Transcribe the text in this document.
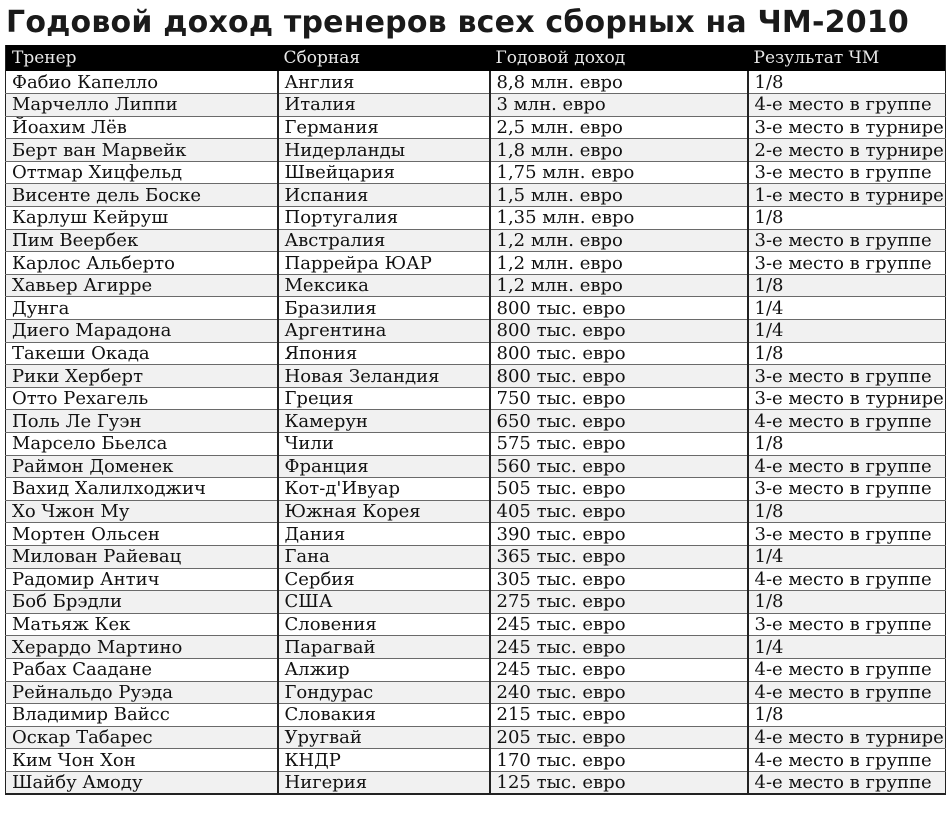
Годовой доход тренеров всех сборных на ЧМ-2010
Тренер	Сборная	Годовой доход	Результат ЧМ
Фабио Капелло	Англия	8,8 млн. евро	1/8
Марчелло Липпи	Италия	3 млн. евро	4-е место в группе
Йоахим Лёв	Германия	2,5 млн. евро	3-е место в турнире
Берт ван Марвейк	Нидерланды	1,8 млн. евро	2-е место в турнире
Оттмар Хицфельд	Швейцария	1,75 млн. евро	3-е место в группе
Висенте дель Боске	Испания	1,5 млн. евро	1-е место в турнире
Карлуш Кейруш	Португалия	1,35 млн. евро	1/8
Пим Веербек	Австралия	1,2 млн. евро	3-е место в группе
Карлос Альберто	Паррейра ЮАР	1,2 млн. евро	3-е место в группе
Хавьер Агирре	Мексика	1,2 млн. евро	1/8
Дунга	Бразилия	800 тыс. евро	1/4
Диего Марадона	Аргентина	800 тыс. евро	1/4
Такеши Окада	Япония	800 тыс. евро	1/8
Рики Херберт	Новая Зеландия	800 тыс. евро	3-е место в группе
Отто Рехагель	Греция	750 тыс. евро	3-е место в турнире
Поль Ле Гуэн	Камерун	650 тыс. евро	4-е место в группе
Марсело Бьелса	Чили	575 тыс. евро	1/8
Раймон Доменек	Франция	560 тыс. евро	4-е место в группе
Вахид Халилходжич	Кот-д'Ивуар	505 тыс. евро	3-е место в группе
Хо Чжон Му	Южная Корея	405 тыс. евро	1/8
Мортен Ольсен	Дания	390 тыс. евро	3-е место в группе
Милован Райевац	Гана	365 тыс. евро	1/4
Радомир Антич	Сербия	305 тыс. евро	4-е место в группе
Боб Брэдли	США	275 тыс. евро	1/8
Матьяж Кек	Словения	245 тыс. евро	3-е место в группе
Херардо Мартино	Парагвай	245 тыс. евро	1/4
Рабах Саадане	Алжир	245 тыс. евро	4-е место в группе
Рейнальдо Руэда	Гондурас	240 тыс. евро	4-е место в группе
Владимир Вайсс	Словакия	215 тыс. евро	1/8
Оскар Табарес	Уругвай	205 тыс. евро	4-е место в турнире
Ким Чон Хон	КНДР	170 тыс. евро	4-е место в группе
Шайбу Амоду	Нигерия	125 тыс. евро	4-е место в группе
